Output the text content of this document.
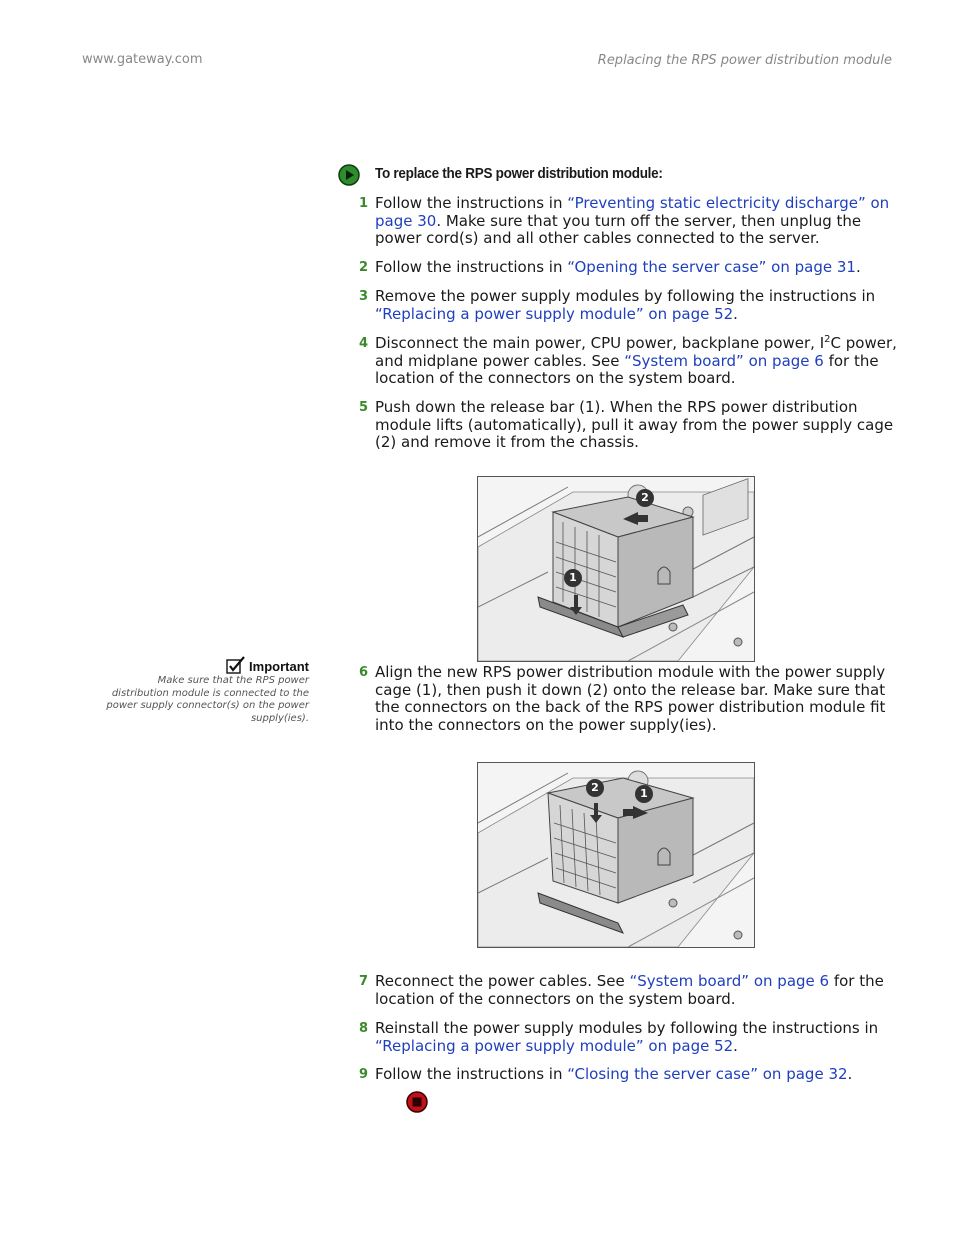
www.gateway.com	Replacing the RPS power distribution module
To replace the RPS power distribution module:
1 Follow the instructions in “Preventing static electricity discharge” on page 30. Make sure that you turn off the server, then unplug the power cord(s) and all other cables connected to the server.
2 Follow the instructions in “Opening the server case” on page 31.
3 Remove the power supply modules by following the instructions in “Replacing a power supply module” on page 52.
4 Disconnect the main power, CPU power, backplane power, $I^2C$ power, and midplane power cables. See “System board” on page 6 for the location of the connectors on the system board.
5 Push down the release bar (1). When the RPS power distribution module lifts (automatically), pull it away from the power supply cage (2) and remove it from the chassis.
2
1
Important
Make sure that the RPS power distribution module is connected to the power supply connector(s) on the power supply(ies).
6 Align the new RPS power distribution module with the power supply cage (1), then push it down (2) onto the release bar. Make sure that the connectors on the back of the RPS power distribution module fit into the connectors on the power supply(ies).
2	1
7 Reconnect the power cables. See “System board” on page 6 for the location of the connectors on the system board.
8 Reinstall the power supply modules by following the instructions in “Replacing a power supply module” on page 52.
9 Follow the instructions in “Closing the server case” on page 32.
